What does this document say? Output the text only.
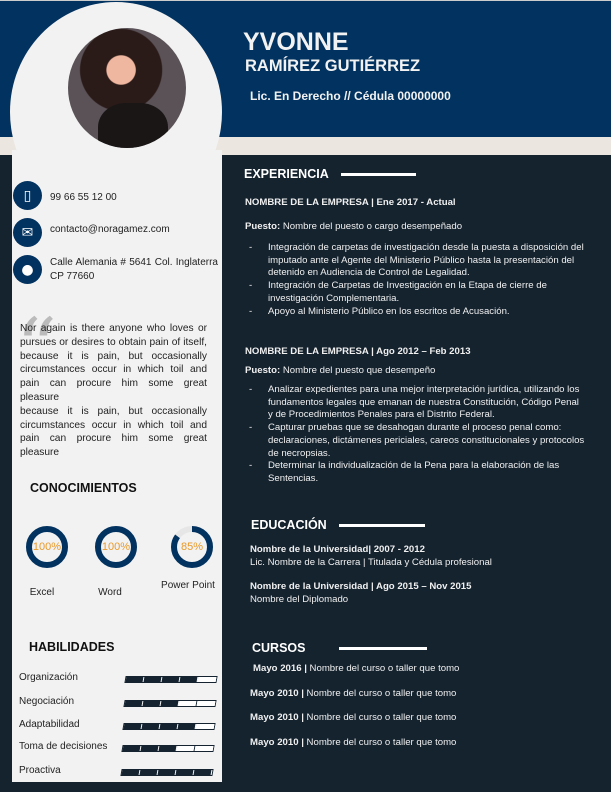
YVONNE
RAMÍREZ GUTIÉRREZ
Lic. En Derecho // Cédula 00000000
▯	99 66 55 12 00
✉	contacto@noragamez.com
●	Calle Alemania # 5641 Col. Inglaterra CP 77660
“
Nor again is there anyone who loves or pursues or desires to obtain pain of itself, because it is pain, but occasionally circumstances occur in which toil and pain can procure him some great pleasure
because it is pain, but occasionally circumstances occur in which toil and pain can procure him some great pleasure
CONOCIMIENTOS
100%
Excel
100%
Word
85%
Power Point
HABILIDADES
Organización
Negociación
Adaptabilidad
Toma de decisiones
Proactiva
EXPERIENCIA
NOMBRE DE LA EMPRESA | Ene 2017 - Actual
Puesto: Nombre del puesto o cargo desempeñado
- Integración de carpetas de investigación desde la puesta a disposición del imputado ante el Agente del Ministerio Público hasta la presentación del detenido en Audiencia de Control de Legalidad.
- Integración de Carpetas de Investigación en la Etapa de cierre de investigación Complementaria.
- Apoyo al Ministerio Público en los escritos de Acusación.
NOMBRE DE LA EMPRESA | Ago 2012 – Feb 2013
Puesto: Nombre del puesto que desempeño
- Analizar expedientes para una mejor interpretación jurídica, utilizando los fundamentos legales que emanan de nuestra Constitución, Código Penal y de Procedimientos Penales para el Distrito Federal.
- Capturar pruebas que se desahogan durante el proceso penal como: declaraciones, dictámenes periciales, careos constitucionales y protocolos de necropsias.
- Determinar la individualización de la Pena para la elaboración de las Sentencias.
EDUCACIÓN
Nombre de la Universidad| 2007 - 2012
Lic. Nombre de la Carrera | Titulada y Cédula profesional
Nombre de la Universidad | Ago 2015 – Nov 2015
Nombre del Diplomado
CURSOS
Mayo 2016 | Nombre del curso o taller que tomo
Mayo 2010 | Nombre del curso o taller que tomo
Mayo 2010 | Nombre del curso o taller que tomo
Mayo 2010 | Nombre del curso o taller que tomo
